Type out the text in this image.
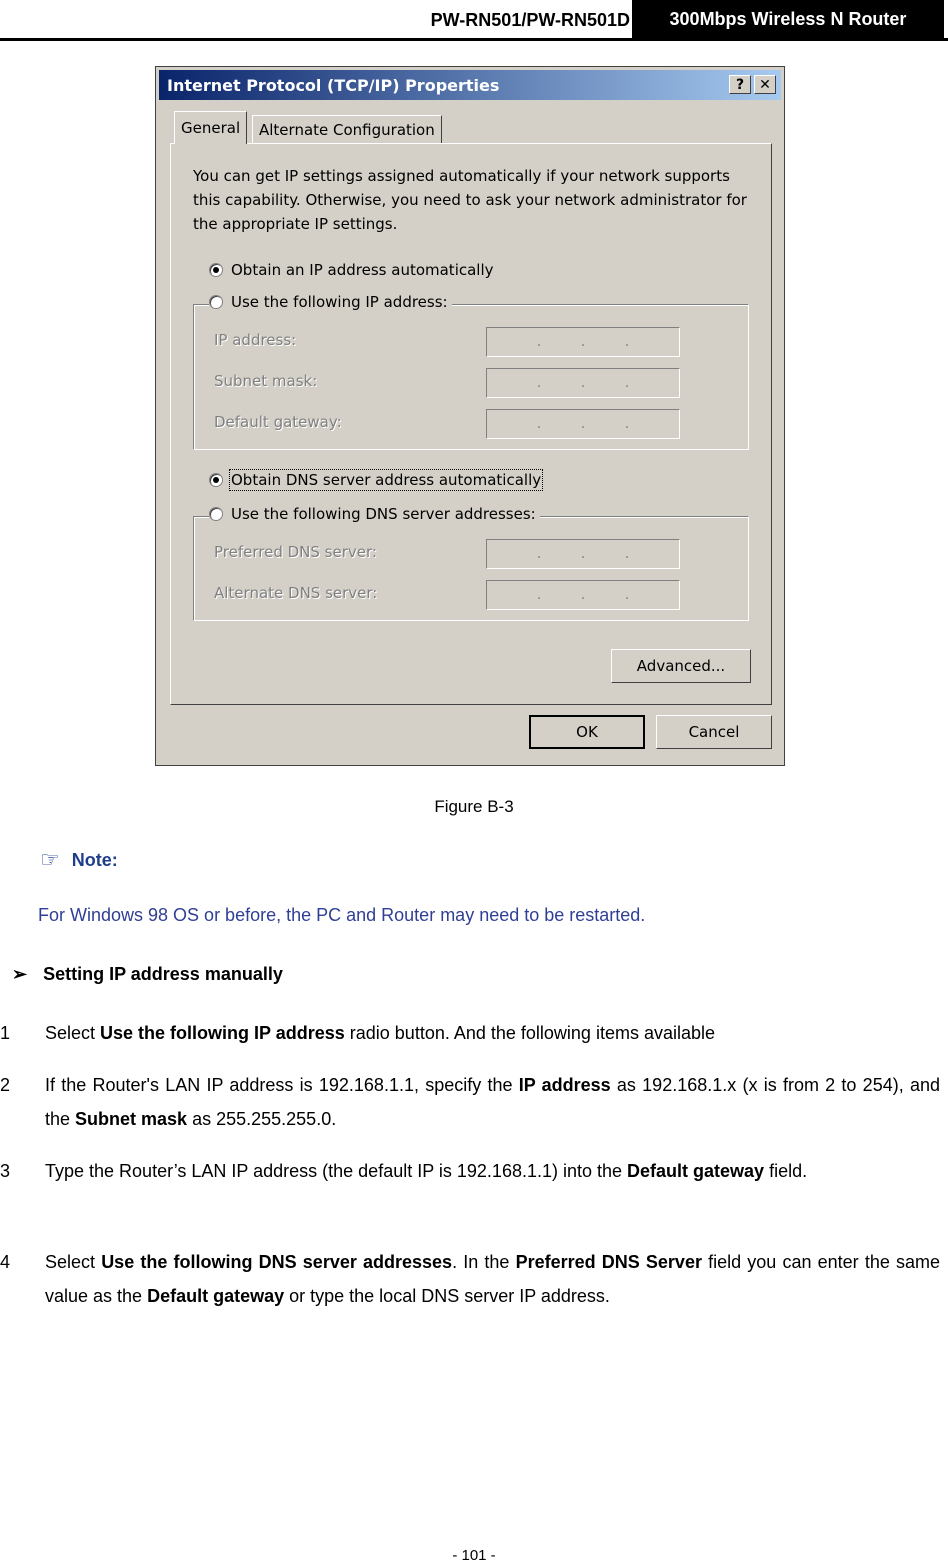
PW-RN501/PW-RN501D	300Mbps Wireless N Router
Internet Protocol (TCP/IP) Properties	?	✕
General	Alternate Configuration
You can get IP settings assigned automatically if your network supports this capability. Otherwise, you need to ask your network administrator for the appropriate IP settings.
Obtain an IP address automatically
IP address:	.	.	.
Subnet mask:	.	.	.
Default gateway:	.	.	.
Use the following IP address:
Obtain DNS server address automatically
Preferred DNS server:	.	.	.
Alternate DNS server:	.	.	.
Use the following DNS server addresses:
Advanced...
OK	Cancel
Figure B-3
☞ Note:
For Windows 98 OS or before, the PC and Router may need to be restarted.
➢ Setting IP address manually
1 Select Use the following IP address radio button. And the following items available
2 If the Router's LAN IP address is 192.168.1.1, specify the IP address as 192.168.1.x (x is from 2 to 254), and the Subnet mask as 255.255.255.0.
3 Type the Router’s LAN IP address (the default IP is 192.168.1.1) into the Default gateway field.
4 Select Use the following DNS server addresses. In the Preferred DNS Server field you can enter the same value as the Default gateway or type the local DNS server IP address.
- 101 -
